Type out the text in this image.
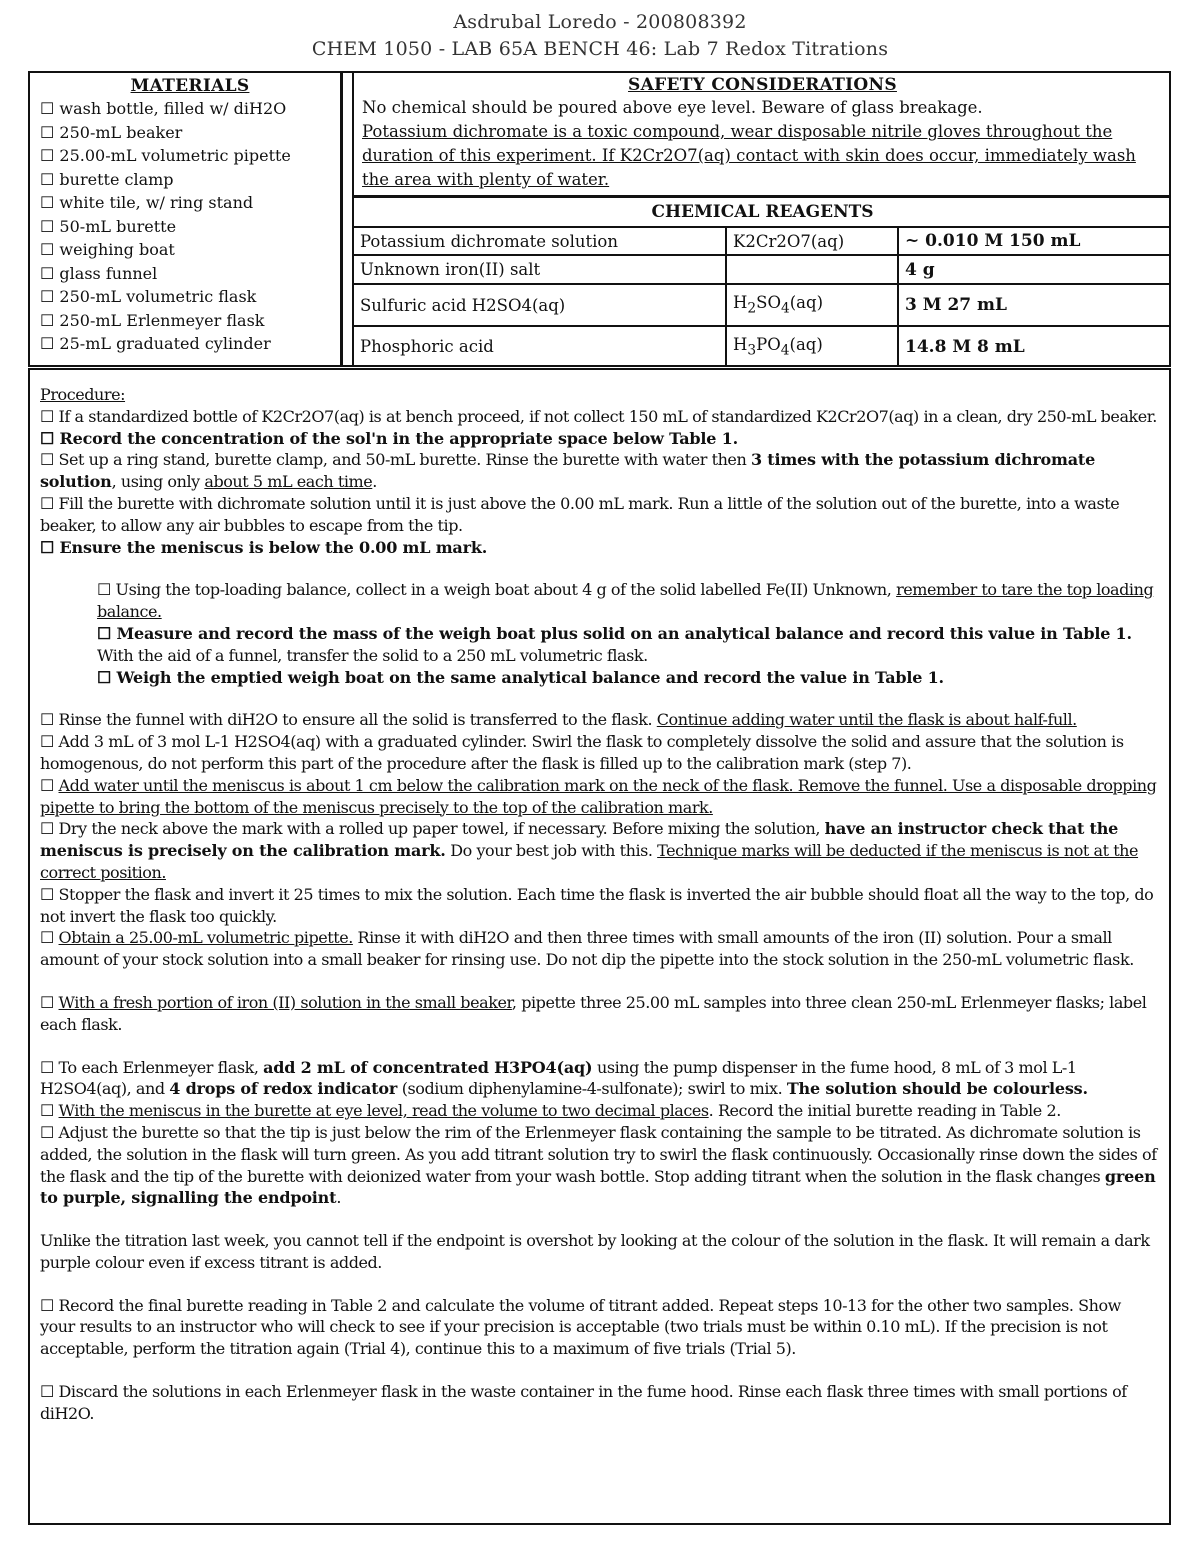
Asdrubal Loredo - 200808392
CHEM 1050 - LAB 65A BENCH 46: Lab 7 Redox Titrations
MATERIALS
☐ wash bottle, filled w/ diH2O
☐ 250-mL beaker
☐ 25.00-mL volumetric pipette
☐ burette clamp
☐ white tile, w/ ring stand
☐ 50-mL burette
☐ weighing boat
☐ glass funnel
☐ 250-mL volumetric flask
☐ 250-mL Erlenmeyer flask
☐ 25-mL graduated cylinder
SAFETY CONSIDERATIONS

No chemical should be poured above eye level. Beware of glass breakage.

Potassium dichromate is a toxic compound, wear disposable nitrile gloves throughout the duration of this experiment. If K2Cr2O7(aq) contact with skin does occur, immediately wash the area with plenty of water.

CHEMICAL REAGENTS		
Potassium dichromate solution	K2Cr2O7(aq)	~ 0.010 M 150 mL
Unknown iron(II) salt		4 g
Sulfuric acid H2SO4(aq)	$H_2SO_4(aq)$	3 M 27 mL
Phosphoric acid	$H_3PO_4(aq)$	14.8 M 8 mL

Procedure:

☐ If a standardized bottle of K2Cr2O7(aq) is at bench proceed, if not collect 150 mL of standardized K2Cr2O7(aq) in a clean, dry 250-mL beaker.

☐ Record the concentration of the sol'n in the appropriate space below Table 1.

☐ Set up a ring stand, burette clamp, and 50-mL burette. Rinse the burette with water then 3 times with the potassium dichromate solution, using only about 5 mL each time.

☐ Fill the burette with dichromate solution until it is just above the 0.00 mL mark. Run a little of the solution out of the burette, into a waste beaker, to allow any air bubbles to escape from the tip.

☐ Ensure the meniscus is below the 0.00 mL mark.

☐ Using the top-loading balance, collect in a weigh boat about 4 g of the solid labelled Fe(II) Unknown, remember to tare the top loading balance.

☐ Measure and record the mass of the weigh boat plus solid on an analytical balance and record this value in Table 1. With the aid of a funnel, transfer the solid to a 250 mL volumetric flask.

☐ Weigh the emptied weigh boat on the same analytical balance and record the value in Table 1.

☐ Rinse the funnel with diH2O to ensure all the solid is transferred to the flask. Continue adding water until the flask is about half-full.

☐ Add 3 mL of 3 mol L-1 H2SO4(aq) with a graduated cylinder. Swirl the flask to completely dissolve the solid and assure that the solution is homogenous, do not perform this part of the procedure after the flask is filled up to the calibration mark (step 7).

☐ Add water until the meniscus is about 1 cm below the calibration mark on the neck of the flask. Remove the funnel. Use a disposable dropping pipette to bring the bottom of the meniscus precisely to the top of the calibration mark.

☐ Dry the neck above the mark with a rolled up paper towel, if necessary. Before mixing the solution, have an instructor check that the meniscus is precisely on the calibration mark. Do your best job with this. Technique marks will be deducted if the meniscus is not at the correct position.

☐ Stopper the flask and invert it 25 times to mix the solution. Each time the flask is inverted the air bubble should float all the way to the top, do not invert the flask too quickly.

☐ Obtain a 25.00-mL volumetric pipette. Rinse it with diH2O and then three times with small amounts of the iron (II) solution. Pour a small amount of your stock solution into a small beaker for rinsing use. Do not dip the pipette into the stock solution in the 250-mL volumetric flask.

☐ With a fresh portion of iron (II) solution in the small beaker, pipette three 25.00 mL samples into three clean 250-mL Erlenmeyer flasks; label each flask.

☐ To each Erlenmeyer flask, add 2 mL of concentrated H3PO4(aq) using the pump dispenser in the fume hood, 8 mL of 3 mol L-1 H2SO4(aq), and 4 drops of redox indicator (sodium diphenylamine-4-sulfonate); swirl to mix. The solution should be colourless.

☐ With the meniscus in the burette at eye level, read the volume to two decimal places. Record the initial burette reading in Table 2.

☐ Adjust the burette so that the tip is just below the rim of the Erlenmeyer flask containing the sample to be titrated. As dichromate solution is added, the solution in the flask will turn green. As you add titrant solution try to swirl the flask continuously. Occasionally rinse down the sides of the flask and the tip of the burette with deionized water from your wash bottle. Stop adding titrant when the solution in the flask changes green to purple, signalling the endpoint.

Unlike the titration last week, you cannot tell if the endpoint is overshot by looking at the colour of the solution in the flask. It will remain a dark purple colour even if excess titrant is added.

☐ Record the final burette reading in Table 2 and calculate the volume of titrant added. Repeat steps 10-13 for the other two samples. Show your results to an instructor who will check to see if your precision is acceptable (two trials must be within 0.10 mL). If the precision is not acceptable, perform the titration again (Trial 4), continue this to a maximum of five trials (Trial 5).

☐ Discard the solutions in each Erlenmeyer flask in the waste container in the fume hood. Rinse each flask three times with small portions of diH2O.
